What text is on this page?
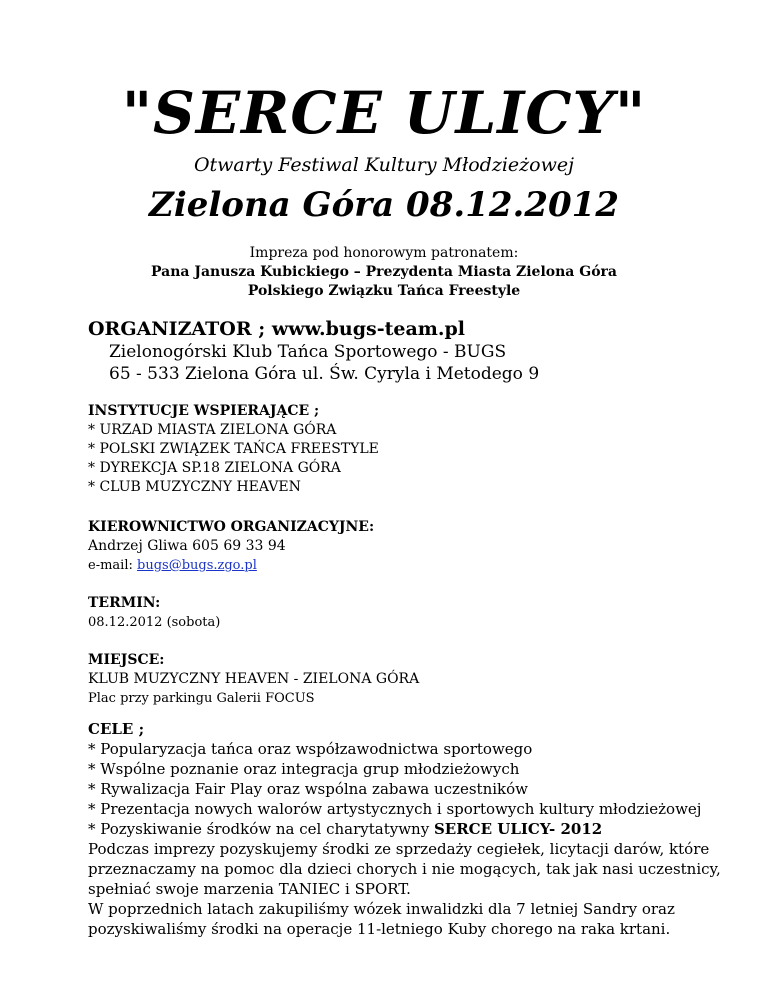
"SERCE ULICY"
Otwarty Festiwal Kultury Młodzieżowej
Zielona Góra 08.12.2012
Impreza pod honorowym patronatem:
Pana Janusza Kubickiego – Prezydenta Miasta Zielona Góra
Polskiego Związku Tańca Freestyle
ORGANIZATOR ; www.bugs-team.pl
Zielonogórski Klub Tańca Sportowego - BUGS
65 - 533 Zielona Góra ul. Św. Cyryla i Metodego 9
INSTYTUCJE WSPIERAJĄCE ;
* URZAD MIASTA ZIELONA GÓRA
* POLSKI ZWIĄZEK TAŃCA FREESTYLE
* DYREKCJA SP.18 ZIELONA GÓRA
* CLUB MUZYCZNY HEAVEN
KIEROWNICTWO ORGANIZACYJNE:
Andrzej Gliwa 605 69 33 94
e-mail: bugs@bugs.zgo.pl
TERMIN:
08.12.2012 (sobota)
MIEJSCE:
KLUB MUZYCZNY HEAVEN - ZIELONA GÓRA
Plac przy parkingu Galerii FOCUS
CELE ;
* Popularyzacja tańca oraz współzawodnictwa sportowego
* Wspólne poznanie oraz integracja grup młodzieżowych
* Rywalizacja Fair Play oraz wspólna zabawa uczestników
* Prezentacja nowych walorów artystycznych i sportowych kultury młodzieżowej
* Pozyskiwanie środków na cel charytatywny SERCE ULICY- 2012
Podczas imprezy pozyskujemy środki ze sprzedaży cegiełek, licytacji darów, które
przeznaczamy na pomoc dla dzieci chorych i nie mogących, tak jak nasi uczestnicy,
spełniać swoje marzenia TANIEC i SPORT.
W poprzednich latach zakupiliśmy wózek inwalidzki dla 7 letniej Sandry oraz
pozyskiwaliśmy środki na operacje 11-letniego Kuby chorego na raka krtani.
